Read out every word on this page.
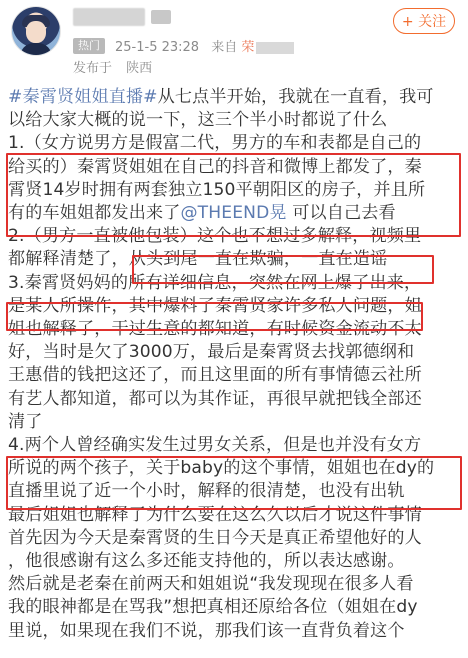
热门	25-1-5 23:28 来自 荣
发布于 陕西
+ 关注

#秦霄贤姐姐直播#从七点半开始，我就在一直看，我可

以给大家大概的说一下，这三个半小时都说了什么

1.（女方说男方是假富二代，男方的车和表都是自己的

给买的）秦霄贤姐姐在自己的抖音和微博上都发了，秦

霄贤14岁时拥有两套独立150平朝阳区的房子，并且所

有的车姐姐都发出来了@THEEND晃 可以自己去看

2.（男方一直被他包装）这个也不想过多解释，视频里

都解释清楚了，从头到尾一直在欺骗，一直在造谣

3.秦霄贤妈妈的所有详细信息，突然在网上爆了出来，

是某人所操作，其中爆料了秦霄贤家许多私人问题，姐

姐也解释了，干过生意的都知道，有时候资金流动不太

好，当时是欠了3000万，最后是秦霄贤去找郭德纲和

王惠借的钱把这还了，而且这里面的所有事情德云社所

有艺人都知道，都可以为其作证，再很早就把钱全部还

清了

4.两个人曾经确实发生过男女关系，但是也并没有女方

所说的两个孩子，关于baby的这个事情，姐姐也在dy的

直播里说了近一个小时，解释的很清楚，也没有出轨

最后姐姐也解释了为什么要在这么久以后才说这件事情

首先因为今天是秦霄贤的生日今天是真正希望他好的人

，他很感谢有这么多还能支持他的，所以表达感谢。

然后就是老秦在前两天和姐姐说“我发现现在很多人看

我的眼神都是在骂我”想把真相还原给各位（姐姐在dy

里说，如果现在我们不说，那我们该一直背负着这个
